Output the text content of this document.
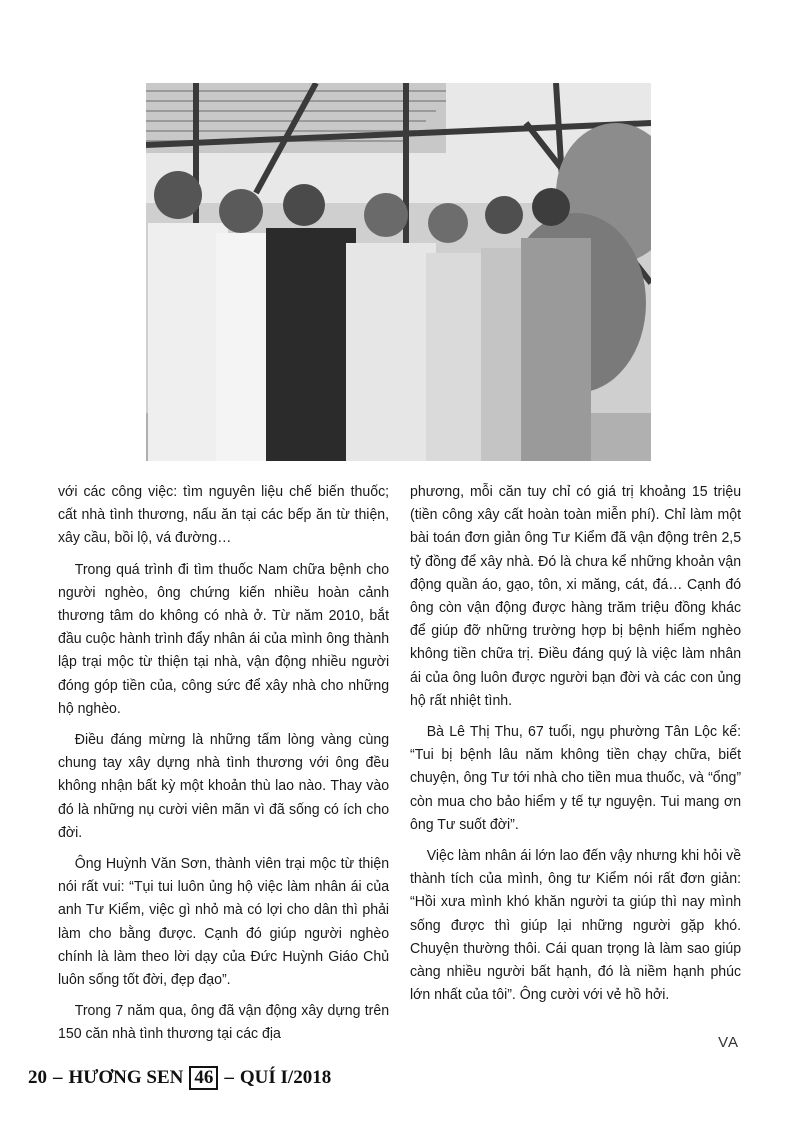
với các công việc: tìm nguyên liệu chế biến thuốc; cất nhà tình thương, nấu ăn tại các bếp ăn từ thiện, xây cầu, bồi lộ, vá đường…

Trong quá trình đi tìm thuốc Nam chữa bệnh cho người nghèo, ông chứng kiến nhiều hoàn cảnh thương tâm do không có nhà ở. Từ năm 2010, bắt đầu cuộc hành trình đẩy nhân ái của mình ông thành lập trại mộc từ thiện tại nhà, vận động nhiều người đóng góp tiền của, công sức để xây nhà cho những hộ nghèo.

Điều đáng mừng là những tấm lòng vàng cùng chung tay xây dựng nhà tình thương với ông đều không nhận bất kỳ một khoản thù lao nào. Thay vào đó là những nụ cười viên mãn vì đã sống có ích cho đời.

Ông Huỳnh Văn Sơn, thành viên trại mộc từ thiện nói rất vui: “Tụi tui luôn ủng hộ việc làm nhân ái của anh Tư Kiểm, việc gì nhỏ mà có lợi cho dân thì phải làm cho bằng được. Cạnh đó giúp người nghèo chính là làm theo lời dạy của Đức Huỳnh Giáo Chủ luôn sống tốt đời, đẹp đạo”.

Trong 7 năm qua, ông đã vận động xây dựng trên 150 căn nhà tình thương tại các địa

phương, mỗi căn tuy chỉ có giá trị khoảng 15 triệu (tiền công xây cất hoàn toàn miễn phí). Chỉ làm một bài toán đơn giản ông Tư Kiểm đã vận động trên 2,5 tỷ đồng để xây nhà. Đó là chưa kể những khoản vận động quần áo, gạo, tôn, xi măng, cát, đá… Cạnh đó ông còn vận động được hàng trăm triệu đồng khác để giúp đỡ những trường hợp bị bệnh hiểm nghèo không tiền chữa trị. Điều đáng quý là việc làm nhân ái của ông luôn được người bạn đời và các con ủng hộ rất nhiệt tình.

Bà Lê Thị Thu, 67 tuổi, ngụ phường Tân Lộc kể: “Tui bị bệnh lâu năm không tiền chạy chữa, biết chuyện, ông Tư tới nhà cho tiền mua thuốc, và “ổng” còn mua cho bảo hiểm y tế tự nguyện. Tui mang ơn ông Tư suốt đời”.

Việc làm nhân ái lớn lao đến vậy nhưng khi hỏi về thành tích của mình, ông tư Kiểm nói rất đơn giản: “Hồi xưa mình khó khăn người ta giúp thì nay mình sống được thì giúp lại những người gặp khó. Chuyện thường thôi. Cái quan trọng là làm sao giúp càng nhiều người bất hạnh, đó là niềm hạnh phúc lớn nhất của tôi”. Ông cười với vẻ hồ hởi.

VA
20 – HƯƠNG SEN 46 – QUÍ I/2018
